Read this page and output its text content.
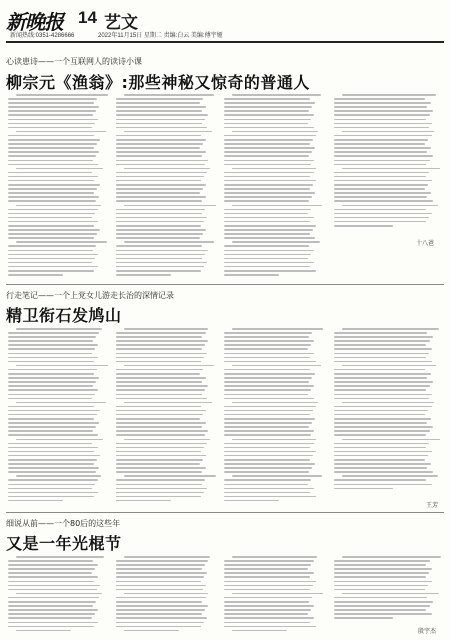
新晚报 14 艺文
新闻热线:0351-4286666	2022年11月15日 星期二 责编:白云 美编:傅宇娅
心读患诗——一个互联网人的读诗小课
柳宗元《渔翁》:那些神秘又惊奇的普通人
十八爸
行走笔记——一个上党女儿游走长治的深情记录
精卫衔石发鸠山
王芳
细说从前——一个80后的这些年
又是一年光棍节
殷宇杰
